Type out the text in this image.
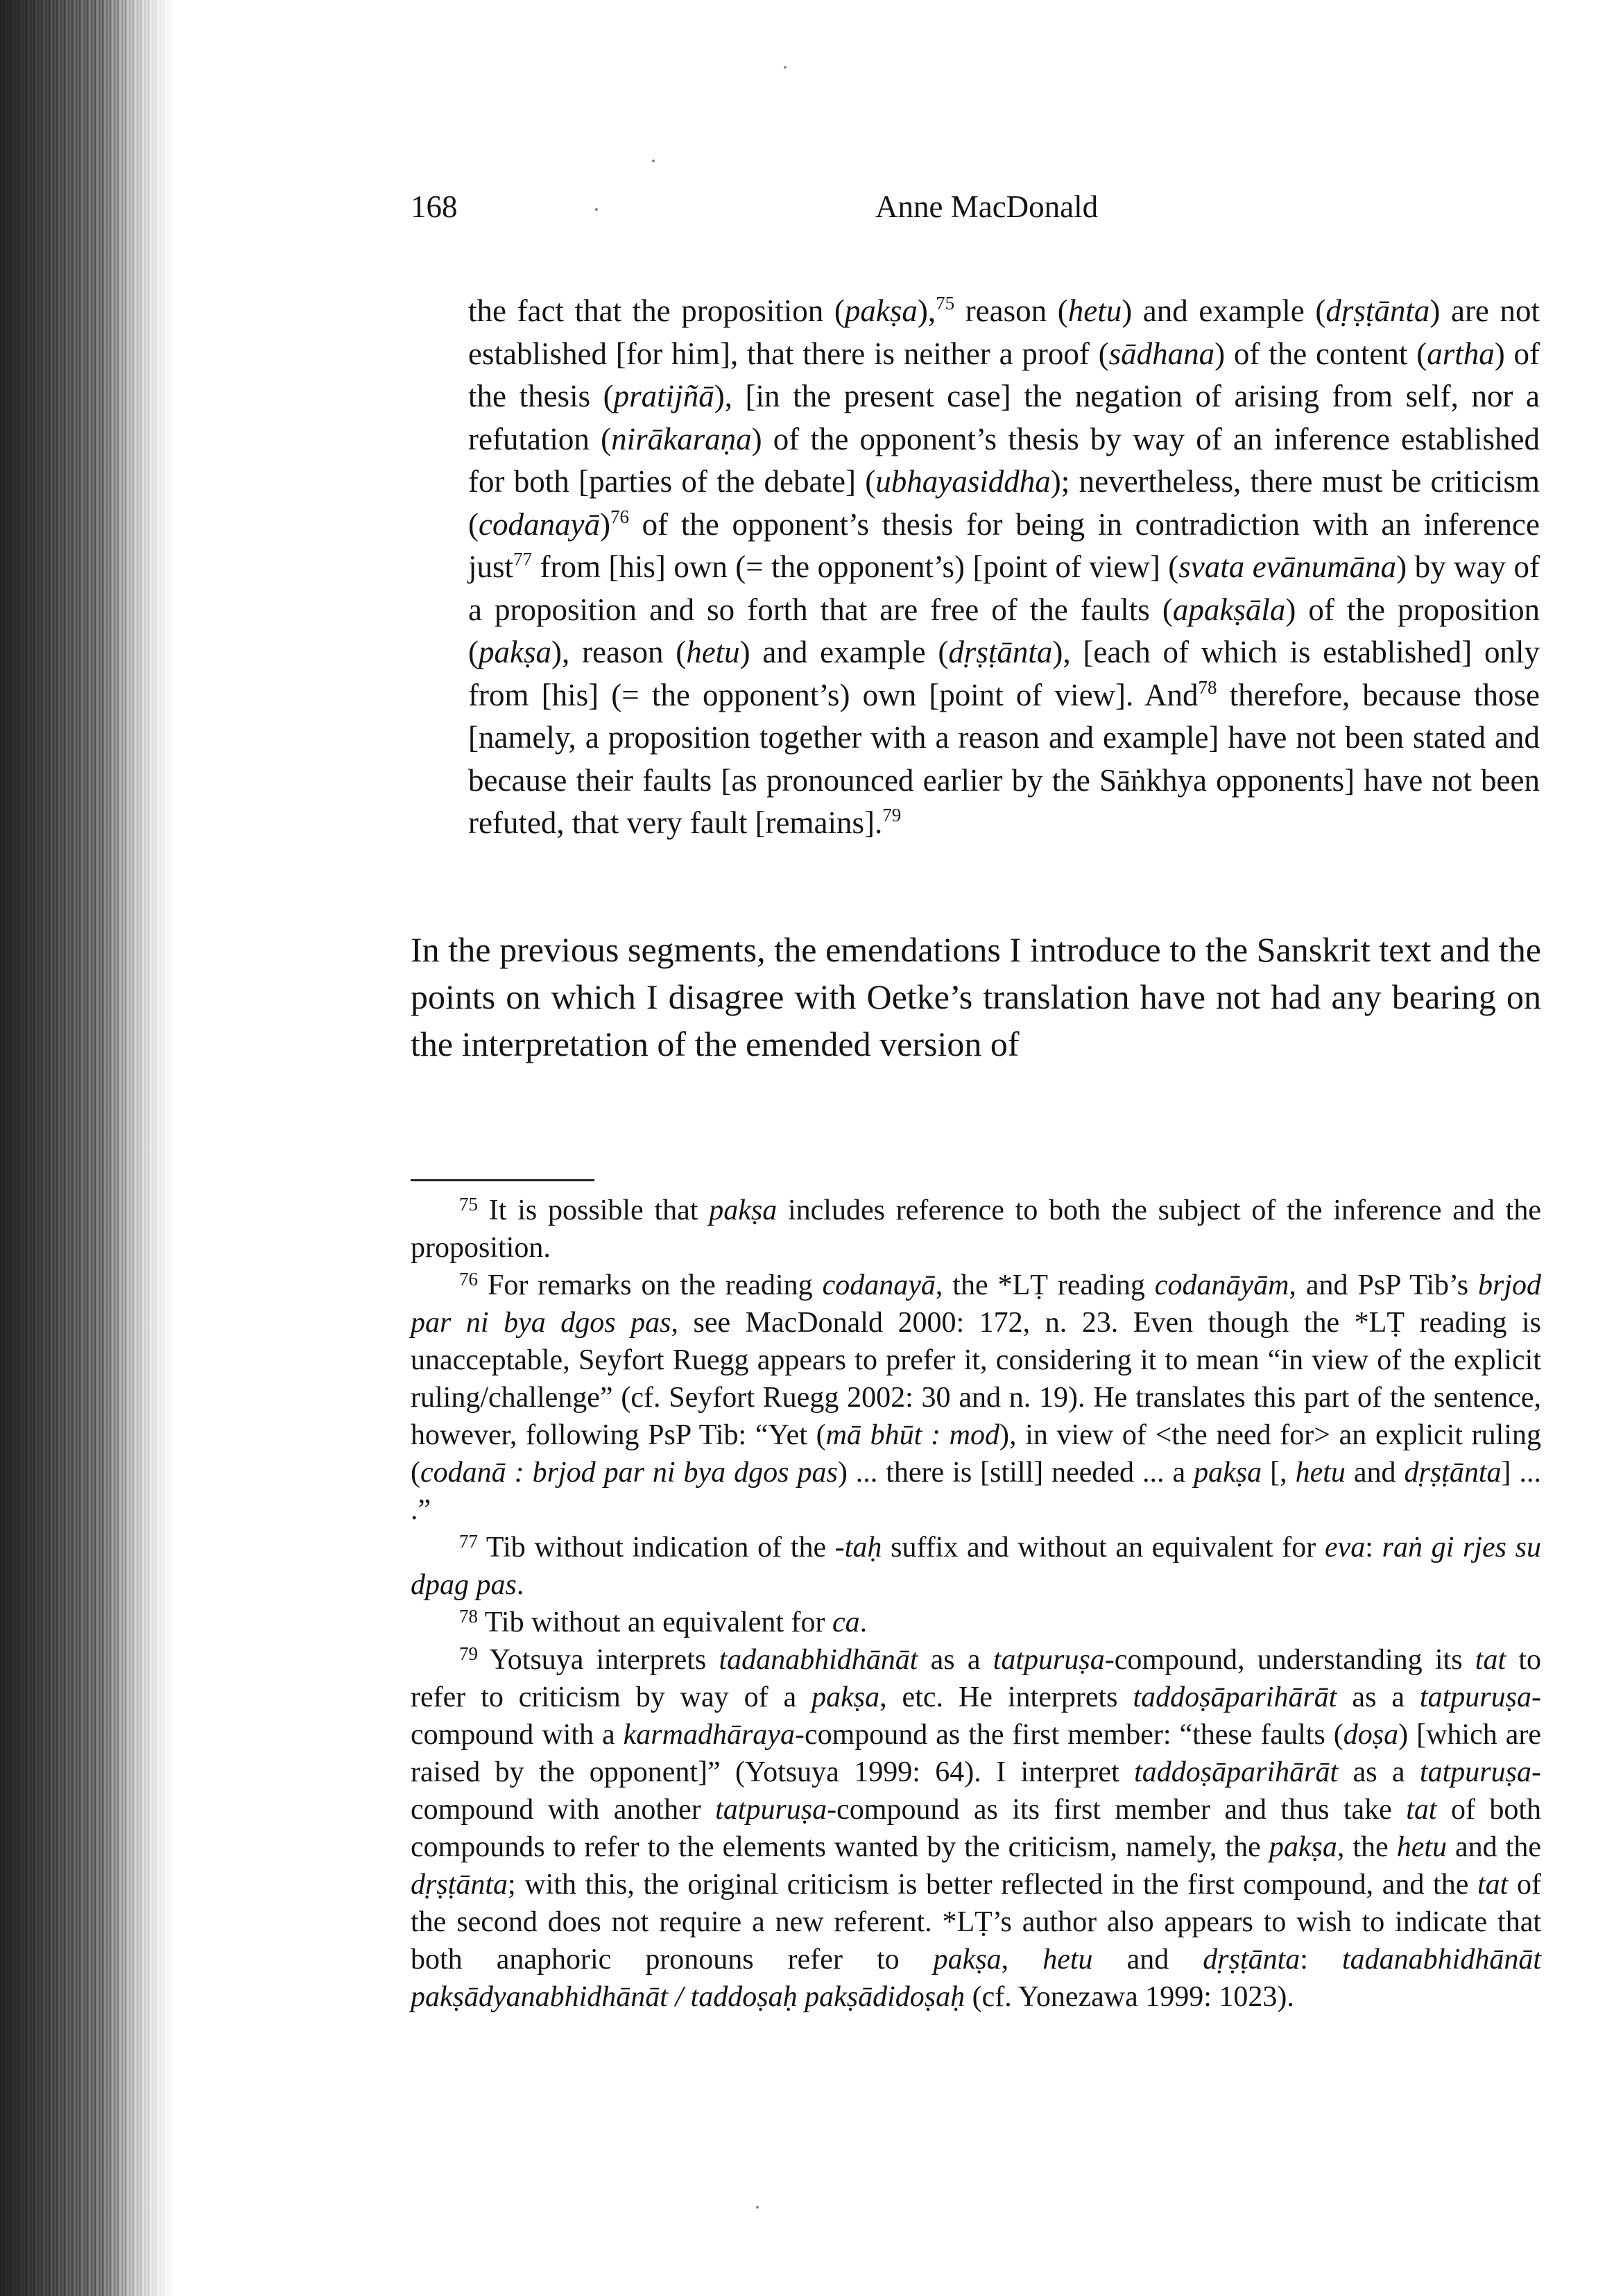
168	Anne MacDonald

the fact that the proposition (pakṣa),$^{75}$ reason (hetu) and example (dṛṣṭānta) are not established [for him], that there is neither a proof (sādhana) of the content (artha) of the thesis (pratijñā), [in the present case] the negation of arising from self, nor a refutation (nirākaraṇa) of the opponent’s thesis by way of an inference established for both [parties of the debate] (ubhayasiddha); nevertheless, there must be criticism (codanayā)$^{76}$ of the opponent’s thesis for being in contradiction with an inference just$^{77}$ from [his] own (= the opponent’s) [point of view] (svata evānumāna) by way of a proposition and so forth that are free of the faults (apakṣāla) of the proposition (pakṣa), reason (hetu) and example (dṛṣṭānta), [each of which is established] only from [his] (= the opponent’s) own [point of view]. And$^{78}$ therefore, because those [namely, a proposition together with a reason and example] have not been stated and because their faults [as pronounced earlier by the Sāṅkhya opponents] have not been refuted, that very fault [remains].$^{79}$

In the previous segments, the emendations I introduce to the Sanskrit text and the points on which I disagree with Oetke’s translation have not had any bearing on the interpretation of the emended version of

$^{75}$ It is possible that pakṣa includes reference to both the subject of the inference and the proposition.

$^{76}$ For remarks on the reading codanayā, the *LṬ reading codanāyām, and PsP Tib’s brjod par ni bya dgos pas, see MacDonald 2000: 172, n. 23. Even though the *LṬ reading is unacceptable, Seyfort Ruegg appears to prefer it, considering it to mean “in view of the explicit ruling/challenge” (cf. Seyfort Ruegg 2002: 30 and n. 19). He translates this part of the sentence, however, following PsP Tib: “Yet (mā bhūt : mod), in view of <the need for> an explicit ruling (codanā : brjod par ni bya dgos pas) ... there is [still] needed ... a pakṣa [, hetu and dṛṣṭānta] ... .”

$^{77}$ Tib without indication of the -taḥ suffix and without an equivalent for eva: raṅ gi rjes su dpag pas.

$^{78}$ Tib without an equivalent for ca.

$^{79}$ Yotsuya interprets tadanabhidhānāt as a tatpuruṣa-compound, understanding its tat to refer to criticism by way of a pakṣa, etc. He interprets taddoṣāparihārāt as a tatpuruṣa-compound with a karmadhāraya-compound as the first member: “these faults (doṣa) [which are raised by the opponent]” (Yotsuya 1999: 64). I interpret taddoṣāparihārāt as a tatpuruṣa-compound with another tatpuruṣa-compound as its first member and thus take tat of both compounds to refer to the elements wanted by the criticism, namely, the pakṣa, the hetu and the dṛṣṭānta; with this, the original criticism is better reflected in the first compound, and the tat of the second does not require a new referent. *LṬ’s author also appears to wish to indicate that both anaphoric pronouns refer to pakṣa, hetu and dṛṣṭānta: tadanabhidhānāt pakṣādyanabhidhānāt / taddoṣaḥ pakṣādidoṣaḥ (cf. Yonezawa 1999: 1023).
